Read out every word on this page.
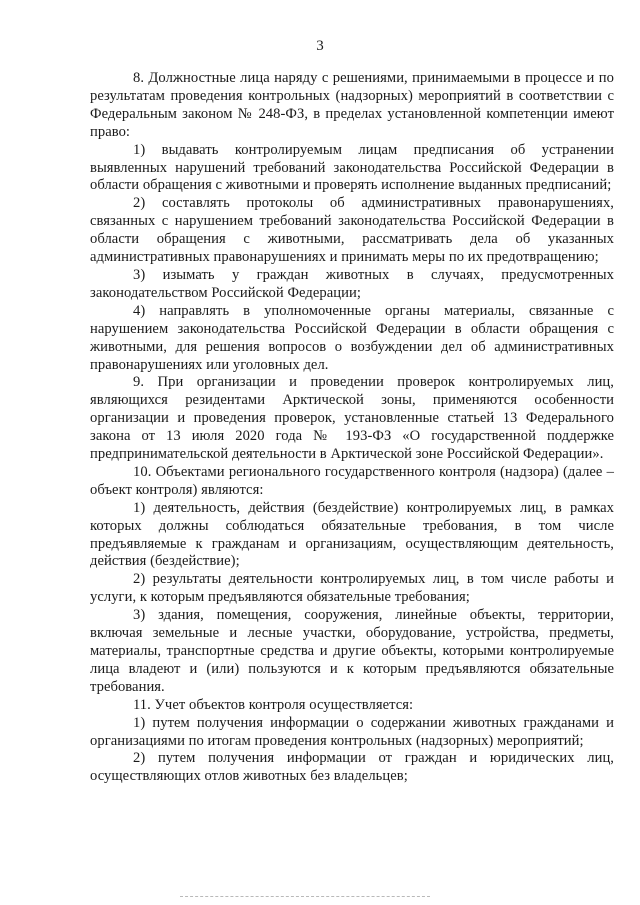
3

8. Должностные лица наряду с решениями, принимаемыми в процессе и по результатам проведения контрольных (надзорных) мероприятий в соответствии с Федеральным законом № 248-ФЗ, в пределах установленной компетенции имеют право:

1) выдавать контролируемым лицам предписания об устранении выявленных нарушений требований законодательства Российской Федерации в области обращения с животными и проверять исполнение выданных предписаний;

2) составлять протоколы об административных правонарушениях, связанных с нарушением требований законодательства Российской Федерации в области обращения с животными, рассматривать дела об указанных административных правонарушениях и принимать меры по их предотвращению;

3) изымать у граждан животных в случаях, предусмотренных законодательством Российской Федерации;

4) направлять в уполномоченные органы материалы, связанные с нарушением законодательства Российской Федерации в области обращения с животными, для решения вопросов о возбуждении дел об административных правонарушениях или уголовных дел.

9. При организации и проведении проверок контролируемых лиц, являющихся резидентами Арктической зоны, применяются особенности организации и проведения проверок, установленные статьей 13 Федерального закона от 13 июля 2020 года № 193-ФЗ «О государственной поддержке предпринимательской деятельности в Арктической зоне Российской Федерации».

10. Объектами регионального государственного контроля (надзора) (далее – объект контроля) являются:

1) деятельность, действия (бездействие) контролируемых лиц, в рамках которых должны соблюдаться обязательные требования, в том числе предъявляемые к гражданам и организациям, осуществляющим деятельность, действия (бездействие);

2) результаты деятельности контролируемых лиц, в том числе работы и услуги, к которым предъявляются обязательные требования;

3) здания, помещения, сооружения, линейные объекты, территории, включая земельные и лесные участки, оборудование, устройства, предметы, материалы, транспортные средства и другие объекты, которыми контролируемые лица владеют и (или) пользуются и к которым предъявляются обязательные требования.

11. Учет объектов контроля осуществляется:

1) путем получения информации о содержании животных гражданами и организациями по итогам проведения контрольных (надзорных) мероприятий;

2) путем получения информации от граждан и юридических лиц, осуществляющих отлов животных без владельцев;
